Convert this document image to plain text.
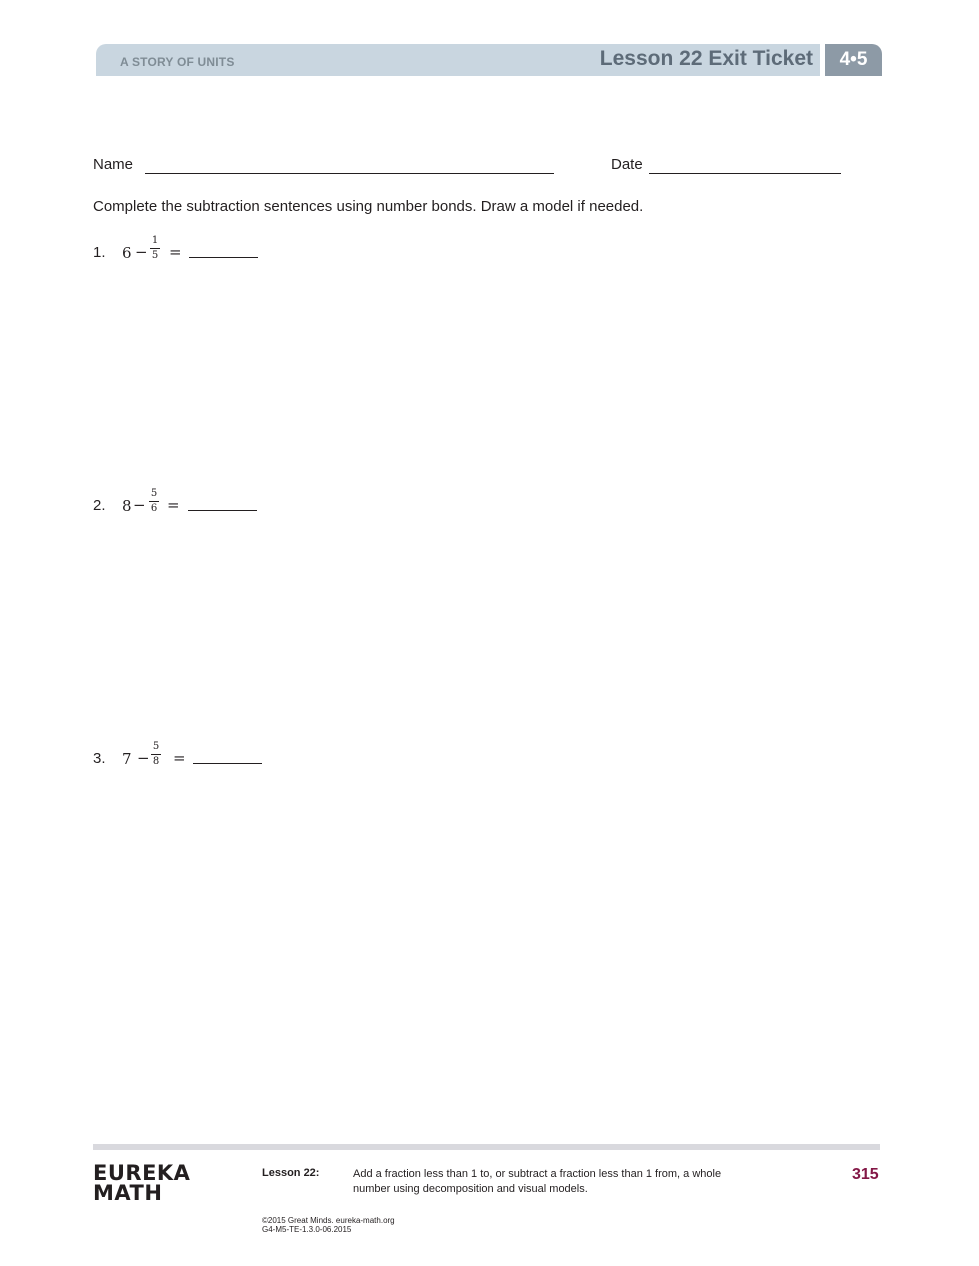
A STORY OF UNITS	Lesson 22 Exit Ticket	4•5
Name	Date
Complete the subtraction sentences using number bonds. Draw a model if needed.
1. 6 −
1
5 =
2. 8 −
5
6 =
3. 7 −
5
8 =
EUREKA
MATH
Lesson 22:	Add a fraction less than 1 to, or subtract a fraction less than 1 from, a whole number using decomposition and visual models.
315
©2015 Great Minds. eureka-math.org
G4-M5-TE-1.3.0-06.2015
